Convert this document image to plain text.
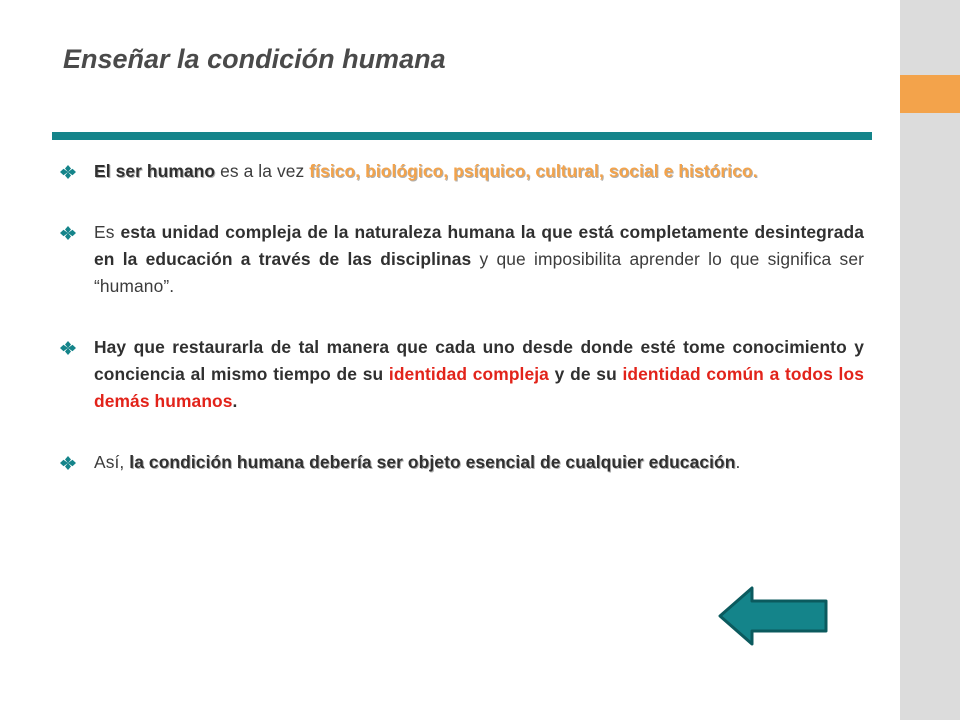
Enseñar la condición humana

El ser humano es a la vez físico, biológico, psíquico, cultural, social e histórico.

Es esta unidad compleja de la naturaleza humana la que está completamente desintegrada en la educación a través de las disciplinas y que imposibilita aprender lo que significa ser “humano”.

Hay que restaurarla de tal manera que cada uno desde donde esté tome conocimiento y conciencia al mismo tiempo de su identidad compleja y de su identidad común a todos los demás humanos.

Así, la condición humana debería ser objeto esencial de cualquier educación.
